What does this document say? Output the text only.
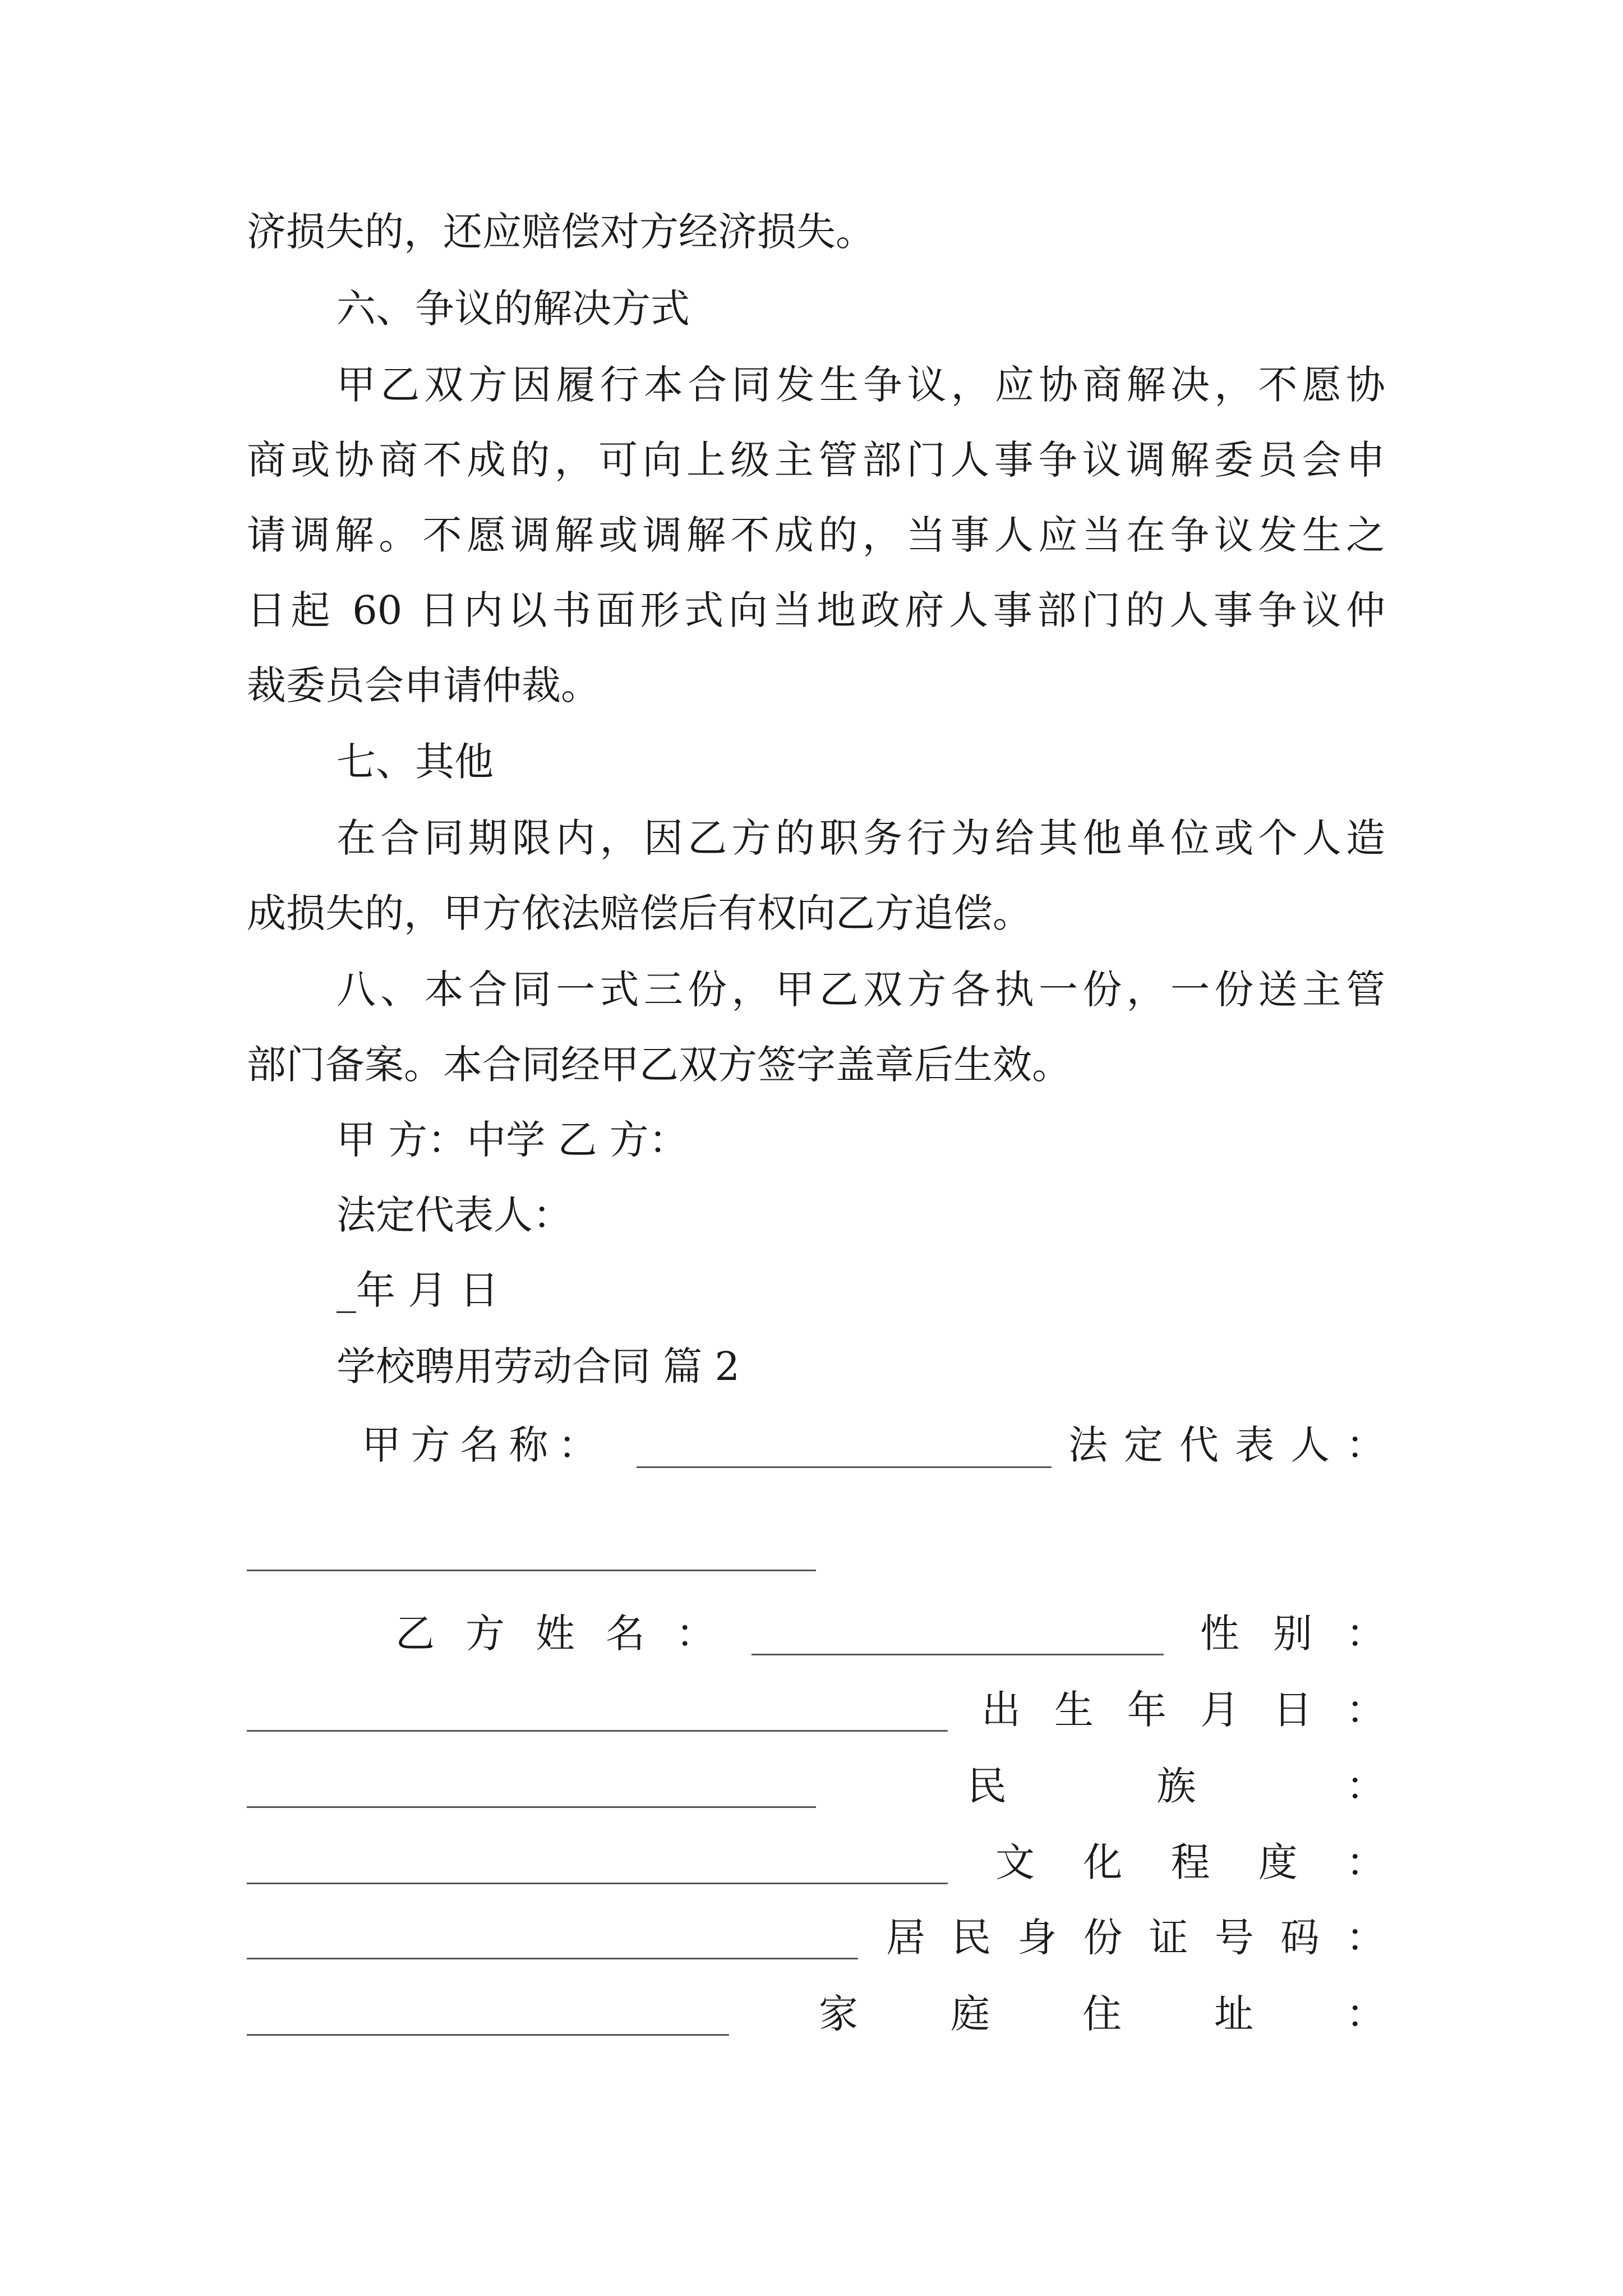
济损失的，还应赔偿对方经济损失。
六、争议的解决方式
甲乙双方因履行本合同发生争议，应协商解决，不愿协
商或协商不成的，可向上级主管部门人事争议调解委员会申
请调解。不愿调解或调解不成的，当事人应当在争议发生之
日起 60 日内以书面形式向当地政府人事部门的人事争议仲
裁委员会申请仲裁。
七、其他
在合同期限内，因乙方的职务行为给其他单位或个人造
成损失的，甲方依法赔偿后有权向乙方追偿。
八、本合同一式三份，甲乙双方各执一份，一份送主管
部门备案。本合同经甲乙双方签字盖章后生效。
甲 方：中学 乙 方：
法定代表人：
_年 月 日
学校聘用劳动合同 篇 2
甲方名称：	法定代表人：
乙方姓名：	性别：
出生年月日：
民族：
文化程度：
居民身份证号码：
家庭住址：
